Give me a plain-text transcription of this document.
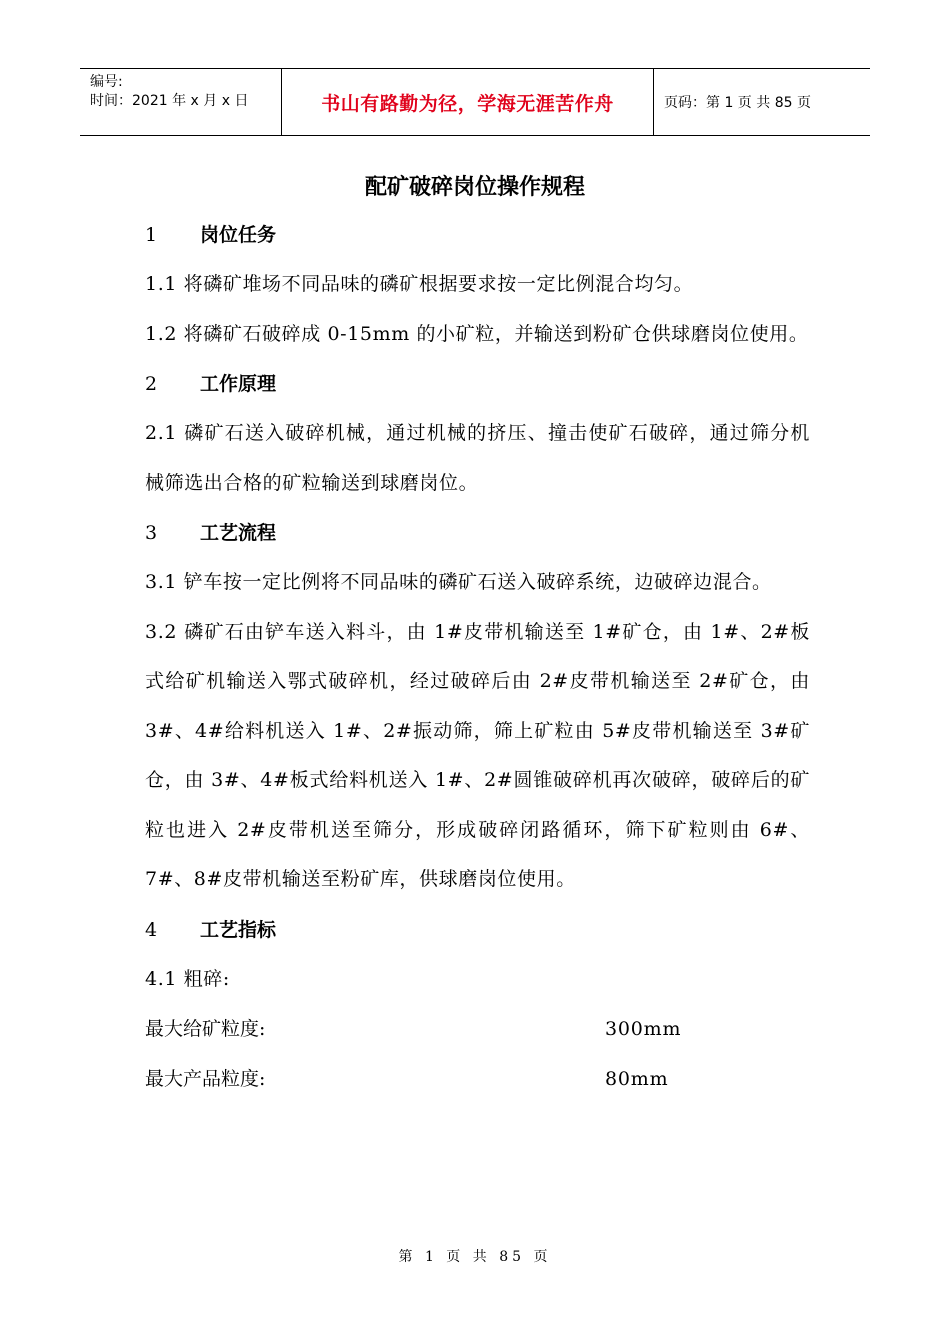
编号:
时间：2021 年 x 月 x 日	书山有路勤为径，学海无涯苦作舟	页码：第 1 页 共 85 页
配矿破碎岗位操作规程
1	岗位任务

1.1 将磷矿堆场不同品味的磷矿根据要求按一定比例混合均匀。

1.2 将磷矿石破碎成 0-15mm 的小矿粒，并输送到粉矿仓供球磨岗位使用。

2	工作原理

2.1 磷矿石送入破碎机械，通过机械的挤压、撞击使矿石破碎，通过筛分机械筛选出合格的矿粒输送到球磨岗位。

3	工艺流程

3.1 铲车按一定比例将不同品味的磷矿石送入破碎系统，边破碎边混合。

3.2 磷矿石由铲车送入料斗，由 1#皮带机输送至 1#矿仓，由 1#、2#板式给矿机输送入鄂式破碎机，经过破碎后由 2#皮带机输送至 2#矿仓，由 3#、4#给料机送入 1#、2#振动筛，筛上矿粒由 5#皮带机输送至 3#矿仓，由 3#、4#板式给料机送入 1#、2#圆锥破碎机再次破碎，破碎后的矿粒也进入 2#皮带机送至筛分，形成破碎闭路循环，筛下矿粒则由 6#、7#、8#皮带机输送至粉矿库，供球磨岗位使用。

4	工艺指标

4.1 粗碎:

最大给矿粒度:	300mm
最大产品粒度:	80mm
第 1 页 共 85 页
